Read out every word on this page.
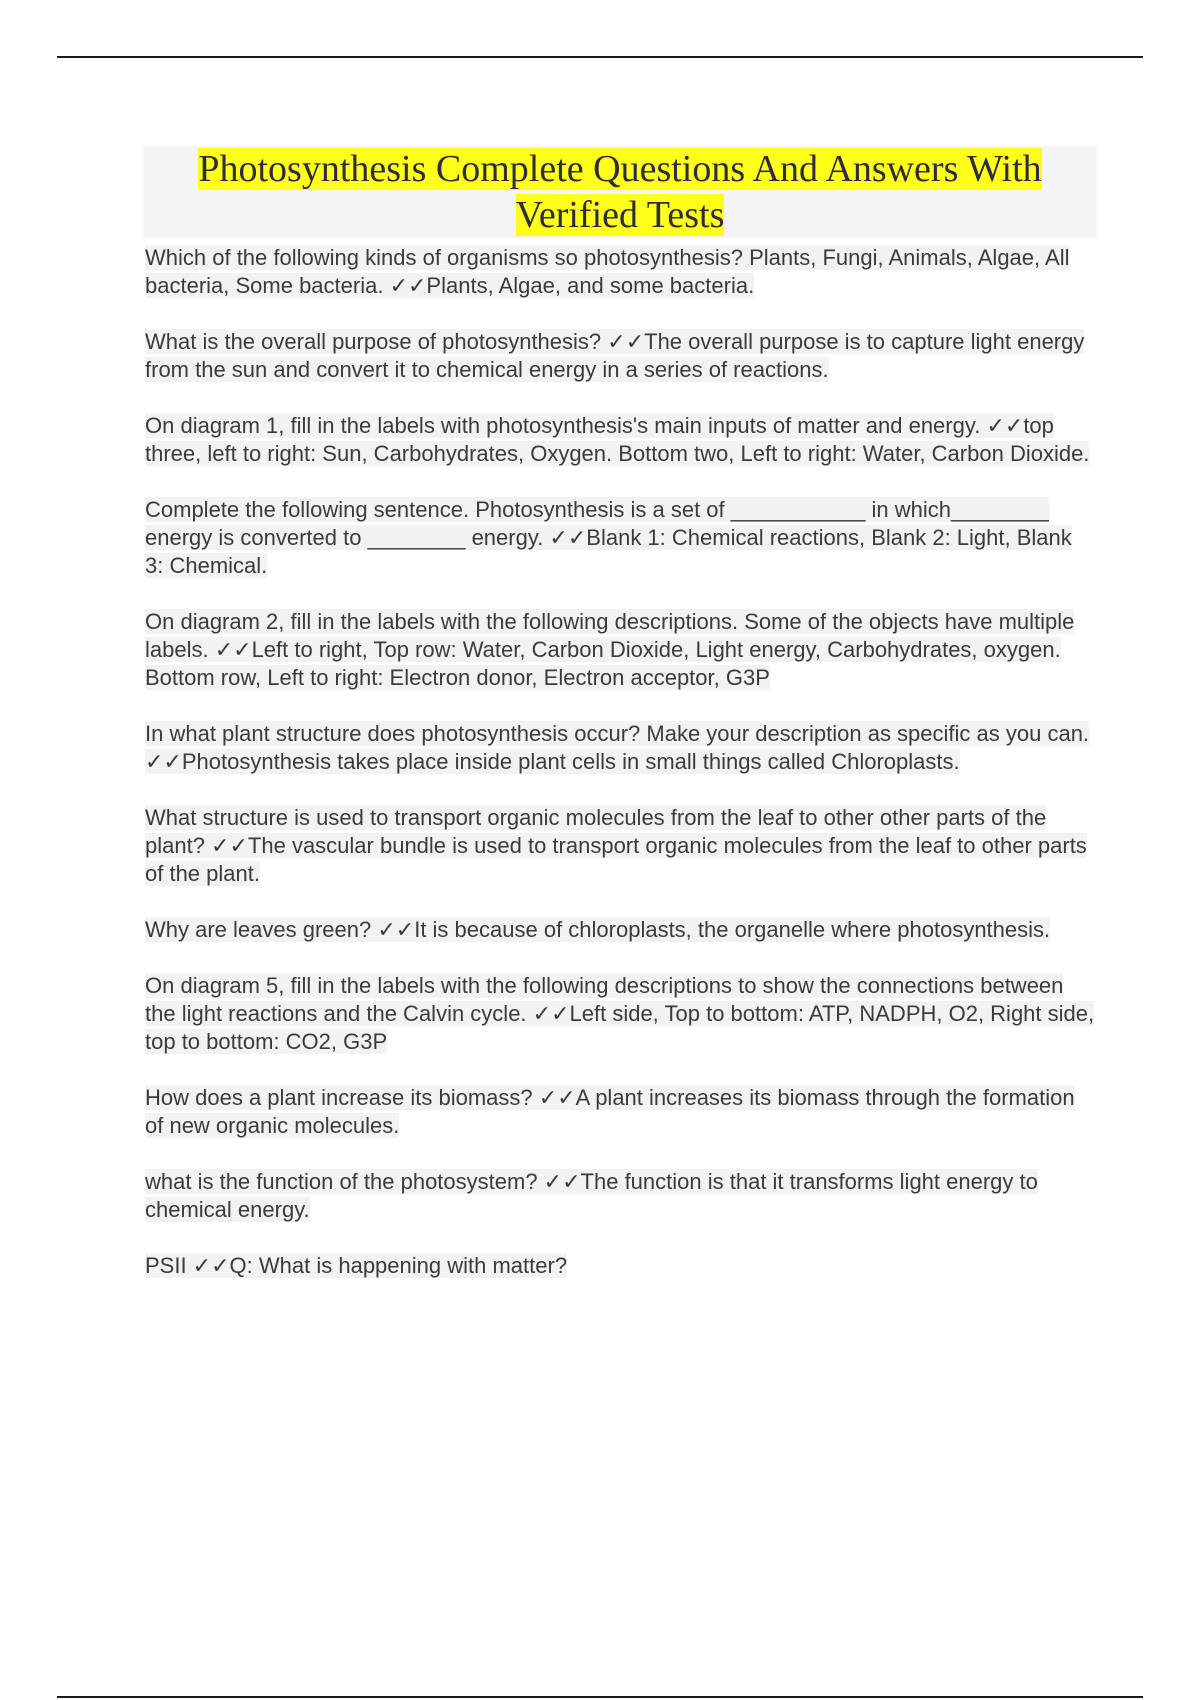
Photosynthesis Complete Questions And Answers With Verified Tests

Which of the following kinds of organisms so photosynthesis? Plants, Fungi, Animals, Algae, All bacteria, Some bacteria. ✓✓Plants, Algae, and some bacteria.

What is the overall purpose of photosynthesis? ✓✓The overall purpose is to capture light energy from the sun and convert it to chemical energy in a series of reactions.

On diagram 1, fill in the labels with photosynthesis's main inputs of matter and energy. ✓✓top three, left to right: Sun, Carbohydrates, Oxygen. Bottom two, Left to right: Water, Carbon Dioxide.

Complete the following sentence. Photosynthesis is a set of ___________ in which________ energy is converted to ________ energy. ✓✓Blank 1: Chemical reactions, Blank 2: Light, Blank 3: Chemical.

On diagram 2, fill in the labels with the following descriptions. Some of the objects have multiple labels. ✓✓Left to right, Top row: Water, Carbon Dioxide, Light energy, Carbohydrates, oxygen. Bottom row, Left to right: Electron donor, Electron acceptor, G3P

In what plant structure does photosynthesis occur? Make your description as specific as you can. ✓✓Photosynthesis takes place inside plant cells in small things called Chloroplasts.

What structure is used to transport organic molecules from the leaf to other other parts of the plant? ✓✓The vascular bundle is used to transport organic molecules from the leaf to other parts of the plant.

Why are leaves green? ✓✓It is because of chloroplasts, the organelle where photosynthesis.

On diagram 5, fill in the labels with the following descriptions to show the connections between the light reactions and the Calvin cycle. ✓✓Left side, Top to bottom: ATP, NADPH, O2, Right side, top to bottom: CO2, G3P

How does a plant increase its biomass? ✓✓A plant increases its biomass through the formation of new organic molecules.

what is the function of the photosystem? ✓✓The function is that it transforms light energy to chemical energy.

PSII ✓✓Q: What is happening with matter?
